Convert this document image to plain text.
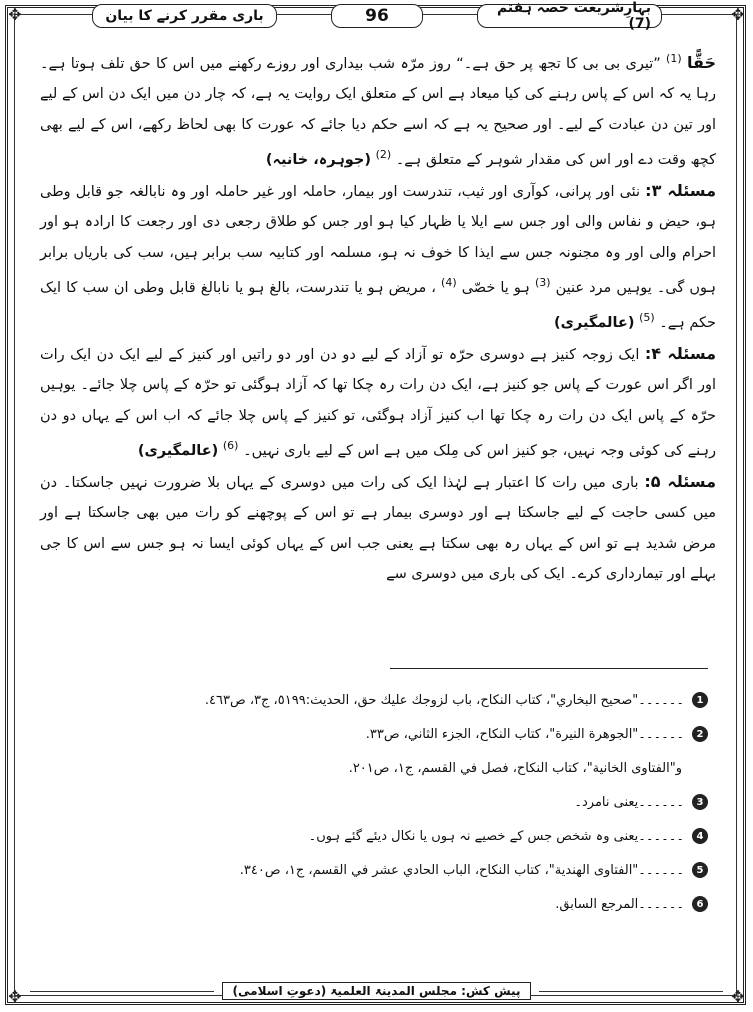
✥	✥
✥	✥
باری مقرر کرنے کا بیان	96	بہارِشریعت حصہ ہفتم (7)

حَقًّا $^{(1)}$ ”تیری بی بی کا تجھ پر حق ہے۔“ روز مرّہ شب بیداری اور روزے رکھنے میں اس کا حق تلف ہوتا ہے۔ رہا یہ کہ اس کے پاس رہنے کی کیا میعاد ہے اس کے متعلق ایک روایت یہ ہے، کہ چار دن میں ایک دن اس کے لیے اور تین دن عبادت کے لیے۔ اور صحیح یہ ہے کہ اسے حکم دیا جائے کہ عورت کا بھی لحاظ رکھے، اس کے لیے بھی کچھ وقت دے اور اس کی مقدار شوہر کے متعلق ہے۔ $^{(2)}$ (جوہرہ، خانیہ)

مسئلہ ۳: نئی اور پرانی، کوآری اور ثیب، تندرست اور بیمار، حاملہ اور غیر حاملہ اور وہ نابالغہ جو قابل وطی ہو، حیض و نفاس والی اور جس سے ایلا یا ظہار کیا ہو اور جس کو طلاق رجعی دی اور رجعت کا ارادہ ہو اور احرام والی اور وہ مجنونہ جس سے ایذا کا خوف نہ ہو، مسلمہ اور کتابیہ سب برابر ہیں، سب کی باریاں برابر ہوں گی۔ یوہیں مرد عنین $^{(3)}$ ہو یا خصّی $^{(4)}$ ، مریض ہو یا تندرست، بالغ ہو یا نابالغ قابل وطی ان سب کا ایک حکم ہے۔ $^{(5)}$ (عالمگیری)

مسئلہ ۴: ایک زوجہ کنیز ہے دوسری حرّہ تو آزاد کے لیے دو دن اور دو راتیں اور کنیز کے لیے ایک دن ایک رات اور اگر اس عورت کے پاس جو کنیز ہے، ایک دن رات رہ چکا تھا کہ آزاد ہوگئی تو حرّہ کے پاس چلا جائے۔ یوہیں حرّہ کے پاس ایک دن رات رہ چکا تھا اب کنیز آزاد ہوگئی، تو کنیز کے پاس چلا جائے کہ اب اس کے یہاں دو دن رہنے کی کوئی وجہ نہیں، جو کنیز اس کی مِلک میں ہے اس کے لیے باری نہیں۔ $^{(6)}$ (عالمگیری)

مسئلہ ۵: باری میں رات کا اعتبار ہے لہٰذا ایک کی رات میں دوسری کے یہاں بلا ضرورت نہیں جاسکتا۔ دن میں کسی حاجت کے لیے جاسکتا ہے اور دوسری بیمار ہے تو اس کے پوچھنے کو رات میں بھی جاسکتا ہے اور مرض شدید ہے تو اس کے یہاں رہ بھی سکتا ہے یعنی جب اس کے یہاں کوئی ایسا نہ ہو جس سے اس کا جی بہلے اور تیمارداری کرے۔ ایک کی باری میں دوسری سے

1
۔۔۔۔۔۔"صحيح البخاري"، كتاب النكاح، باب لزوجك عليك حق، الحديث:٥١٩٩، ج٣، ص٤٦٣.
2
۔۔۔۔۔۔"الجوهرة النيرة"، كتاب النكاح، الجزء الثاني، ص٣٣.
و"الفتاوى الخانية"، كتاب النكاح، فصل في القسم، ج١، ص٢٠١.
3
۔۔۔۔۔۔یعنی نامرد۔
4
۔۔۔۔۔۔یعنی وہ شخص جس کے خصیے نہ ہوں یا نکال دیئے گئے ہوں۔
5
۔۔۔۔۔۔"الفتاوى الهندية"، كتاب النكاح، الباب الحادي عشر في القسم، ج١، ص٣٤٠.
6
۔۔۔۔۔۔المرجع السابق.
پیش کش: مجلس المدینۃ العلمیۃ (دعوتِ اسلامی)
